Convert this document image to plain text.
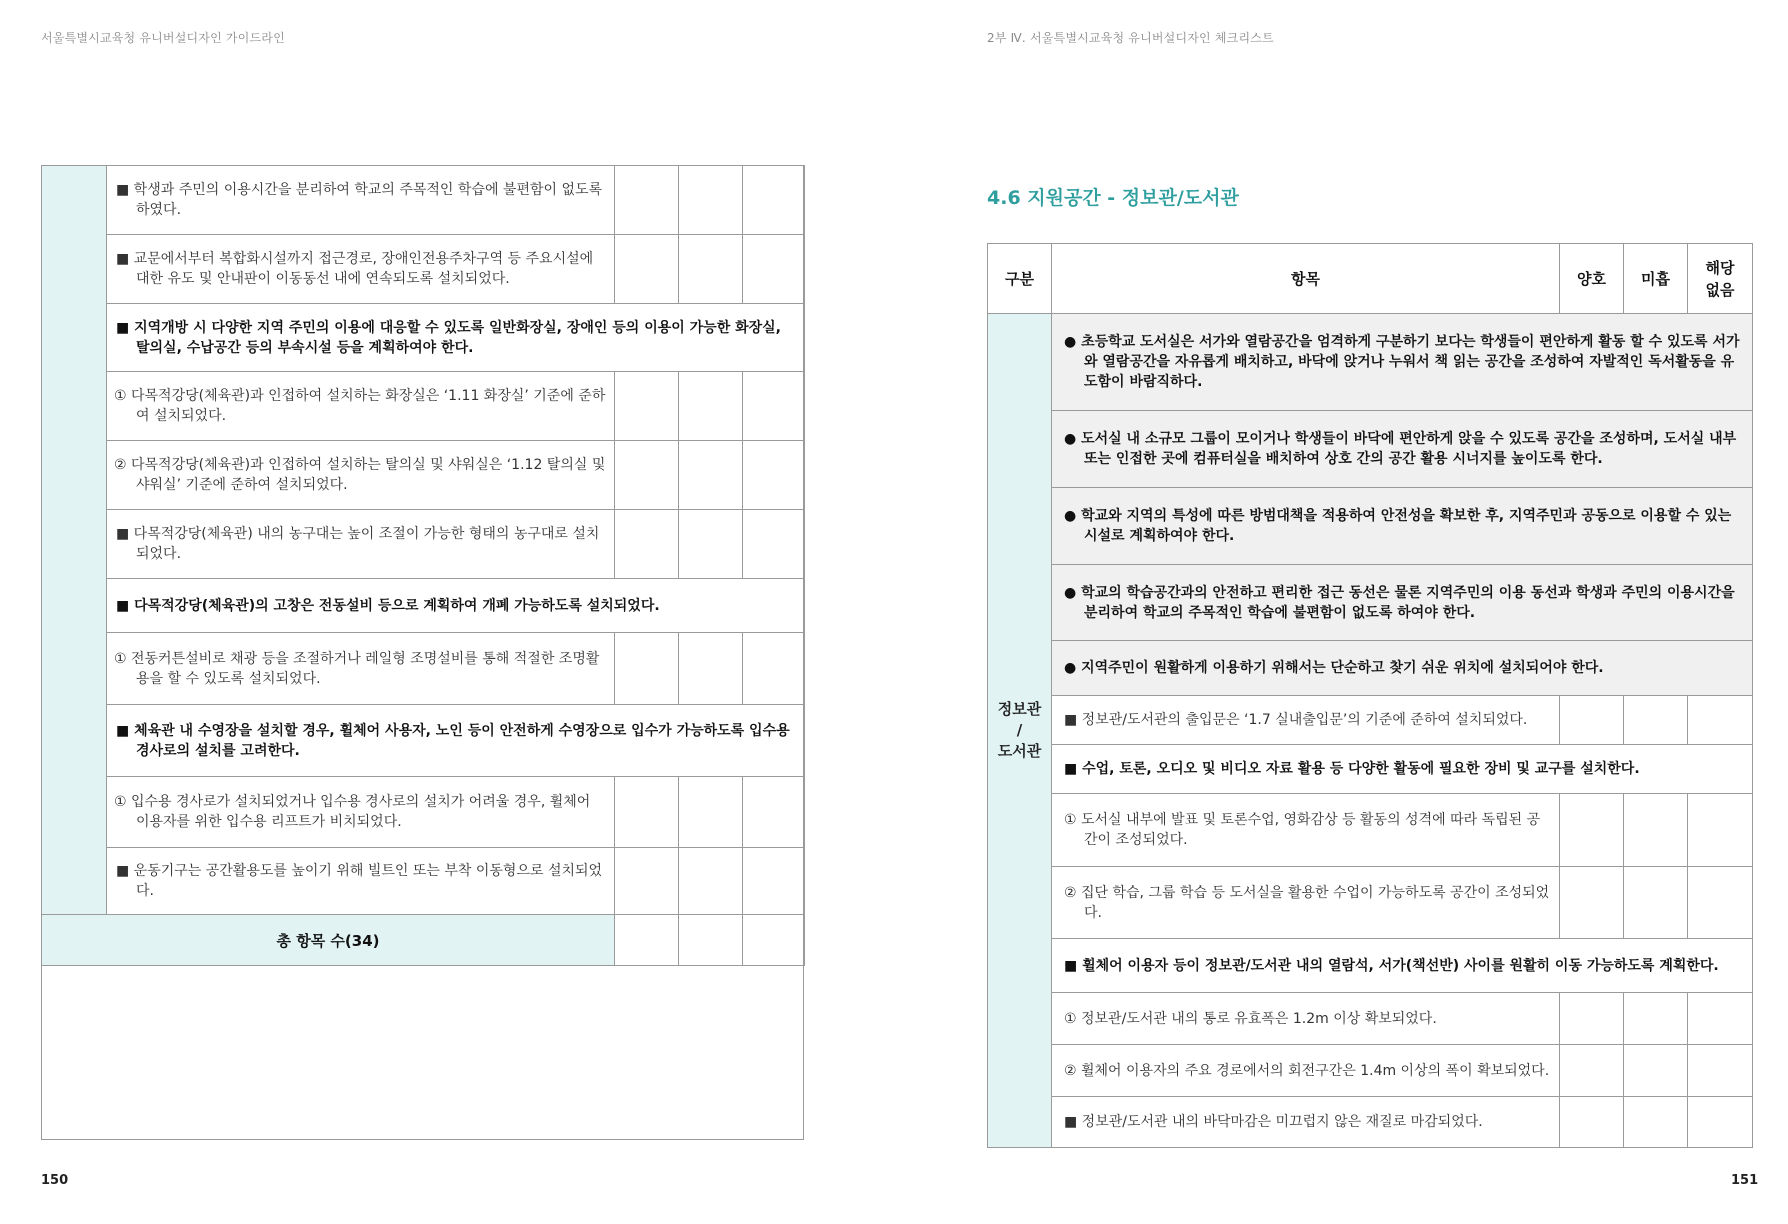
서울특별시교육청 유니버설디자인 가이드라인

	■ 학생과 주민의 이용시간을 분리하여 학교의 주목적인 학습에 불편함이 없도록 하였다.			

	■ 교문에서부터 복합화시설까지 접근경로, 장애인전용주차구역 등 주요시설에 대한 유도 및 안내판이 이동동선 내에 연속되도록 설치되었다.			

	■ 지역개방 시 다양한 지역 주민의 이용에 대응할 수 있도록 일반화장실, 장애인 등의 이용이 가능한 화장실, 탈의실, 수납공간 등의 부속시설 등을 계획하여야 한다.			

	① 다목적강당(체육관)과 인접하여 설치하는 화장실은 ‘1.11 화장실’ 기준에 준하여 설치되었다.			

	② 다목적강당(체육관)과 인접하여 설치하는 탈의실 및 샤워실은 ‘1.12 탈의실 및 샤워실’ 기준에 준하여 설치되었다.			

	■ 다목적강당(체육관) 내의 농구대는 높이 조절이 가능한 형태의 농구대로 설치되었다.			

	■ 다목적강당(체육관)의 고창은 전동설비 등으로 계획하여 개폐 가능하도록 설치되었다.			

	① 전동커튼설비로 채광 등을 조절하거나 레일형 조명설비를 통해 적절한 조명활용을 할 수 있도록 설치되었다.			

	■ 체육관 내 수영장을 설치할 경우, 휠체어 사용자, 노인 등이 안전하게 수영장으로 입수가 가능하도록 입수용 경사로의 설치를 고려한다.			

	① 입수용 경사로가 설치되었거나 입수용 경사로의 설치가 어려울 경우, 휠체어 이용자를 위한 입수용 리프트가 비치되었다.			

	■ 운동기구는 공간활용도를 높이기 위해 빌트인 또는 부착 이동형으로 설치되었다.			

총 항목 수(34)				
150
2부 Ⅳ. 서울특별시교육청 유니버설디자인 체크리스트
4.6 지원공간 - 정보관/도서관
구분	항목	양호	미흡	해당
없음
정보관
/
도서관	● 초등학교 도서실은 서가와 열람공간을 엄격하게 구분하기 보다는 학생들이 편안하게 활동 할 수 있도록 서가와 열람공간을 자유롭게 배치하고, 바닥에 앉거나 누워서 책 읽는 공간을 조성하여 자발적인 독서활동을 유도함이 바람직하다.			

	● 도서실 내 소규모 그룹이 모이거나 학생들이 바닥에 편안하게 앉을 수 있도록 공간을 조성하며, 도서실 내부 또는 인접한 곳에 컴퓨터실을 배치하여 상호 간의 공간 활용 시너지를 높이도록 한다.			

	● 학교와 지역의 특성에 따른 방범대책을 적용하여 안전성을 확보한 후, 지역주민과 공동으로 이용할 수 있는 시설로 계획하여야 한다.			

	● 학교의 학습공간과의 안전하고 편리한 접근 동선은 물론 지역주민의 이용 동선과 학생과 주민의 이용시간을 분리하여 학교의 주목적인 학습에 불편함이 없도록 하여야 한다.			

	● 지역주민이 원활하게 이용하기 위해서는 단순하고 찾기 쉬운 위치에 설치되어야 한다.			

	■ 정보관/도서관의 출입문은 ‘1.7 실내출입문’의 기준에 준하여 설치되었다.			

	■ 수업, 토론, 오디오 및 비디오 자료 활용 등 다양한 활동에 필요한 장비 및 교구를 설치한다.			

	① 도서실 내부에 발표 및 토론수업, 영화감상 등 활동의 성격에 따라 독립된 공간이 조성되었다.			

	② 집단 학습, 그룹 학습 등 도서실을 활용한 수업이 가능하도록 공간이 조성되었다.			

	■ 휠체어 이용자 등이 정보관/도서관 내의 열람석, 서가(책선반) 사이를 원활히 이동 가능하도록 계획한다.			

	① 정보관/도서관 내의 통로 유효폭은 1.2m 이상 확보되었다.			

	② 휠체어 이용자의 주요 경로에서의 회전구간은 1.4m 이상의 폭이 확보되었다.			

	■ 정보관/도서관 내의 바닥마감은 미끄럽지 않은 재질로 마감되었다.			

151
